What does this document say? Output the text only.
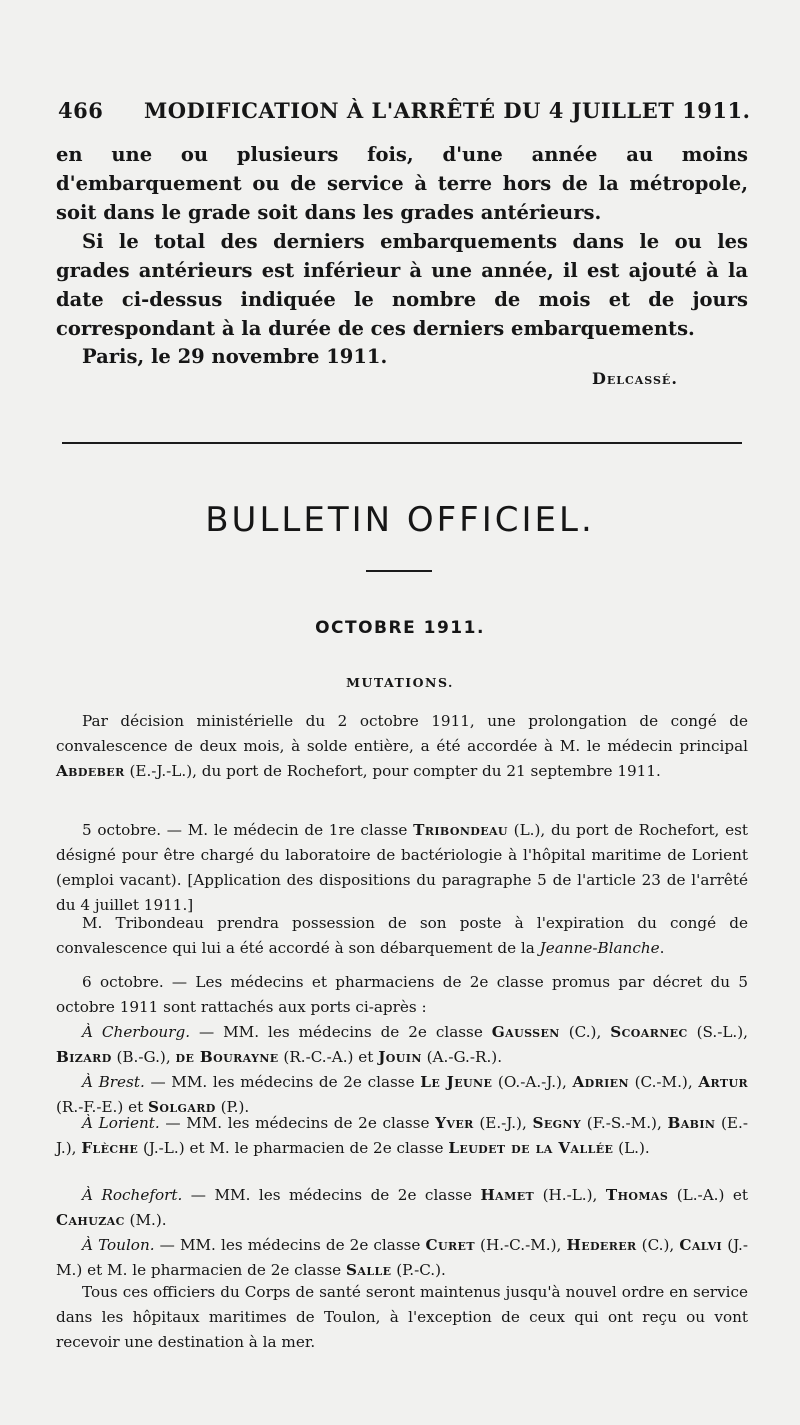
466 MODIFICATION À L'ARRÊTÉ DU 4 JUILLET 1911.

en une ou plusieurs fois, d'une année au moins d'embarquement ou de service à terre hors de la métropole, soit dans le grade soit dans les grades antérieurs.

Si le total des derniers embarquements dans le ou les grades antérieurs est inférieur à une année, il est ajouté à la date ci-dessus indiquée le nombre de mois et de jours correspondant à la durée de ces derniers embarquements.

Paris, le 29 novembre 1911.

Delcassé.
BULLETIN OFFICIEL.
OCTOBRE 1911.
MUTATIONS.

Par décision ministérielle du 2 octobre 1911, une prolongation de congé de convalescence de deux mois, à solde entière, a été accordée à M. le médecin principal Abdeber (E.-J.-L.), du port de Rochefort, pour compter du 21 septembre 1911.

5 octobre. — M. le médecin de 1re classe Tribondeau (L.), du port de Rochefort, est désigné pour être chargé du laboratoire de bactériologie à l'hôpital maritime de Lorient (emploi vacant). [Application des dispositions du paragraphe 5 de l'article 23 de l'arrêté du 4 juillet 1911.]

M. Tribondeau prendra possession de son poste à l'expiration du congé de convalescence qui lui a été accordé à son débarquement de la Jeanne-Blanche.

6 octobre. — Les médecins et pharmaciens de 2e classe promus par décret du 5 octobre 1911 sont rattachés aux ports ci-après :

À Cherbourg. — MM. les médecins de 2e classe Gaussen (C.), Scoarnec (S.-L.), Bizard (B.-G.), de Bourayne (R.-C.-A.) et Jouin (A.-G.-R.).

À Brest. — MM. les médecins de 2e classe Le Jeune (O.-A.-J.), Adrien (C.-M.), Artur (R.-F.-E.) et Solgard (P.).

À Lorient. — MM. les médecins de 2e classe Yver (E.-J.), Segny (F.-S.-M.), Babin (E.-J.), Flèche (J.-L.) et M. le pharmacien de 2e classe Leudet de la Vallée (L.).

À Rochefort. — MM. les médecins de 2e classe Hamet (H.-L.), Thomas (L.-A.) et Cahuzac (M.).

À Toulon. — MM. les médecins de 2e classe Curet (H.-C.-M.), Hederer (C.), Calvi (J.-M.) et M. le pharmacien de 2e classe Salle (P.-C.).

Tous ces officiers du Corps de santé seront maintenus jusqu'à nouvel ordre en service dans les hôpitaux maritimes de Toulon, à l'exception de ceux qui ont reçu ou vont recevoir une destination à la mer.
